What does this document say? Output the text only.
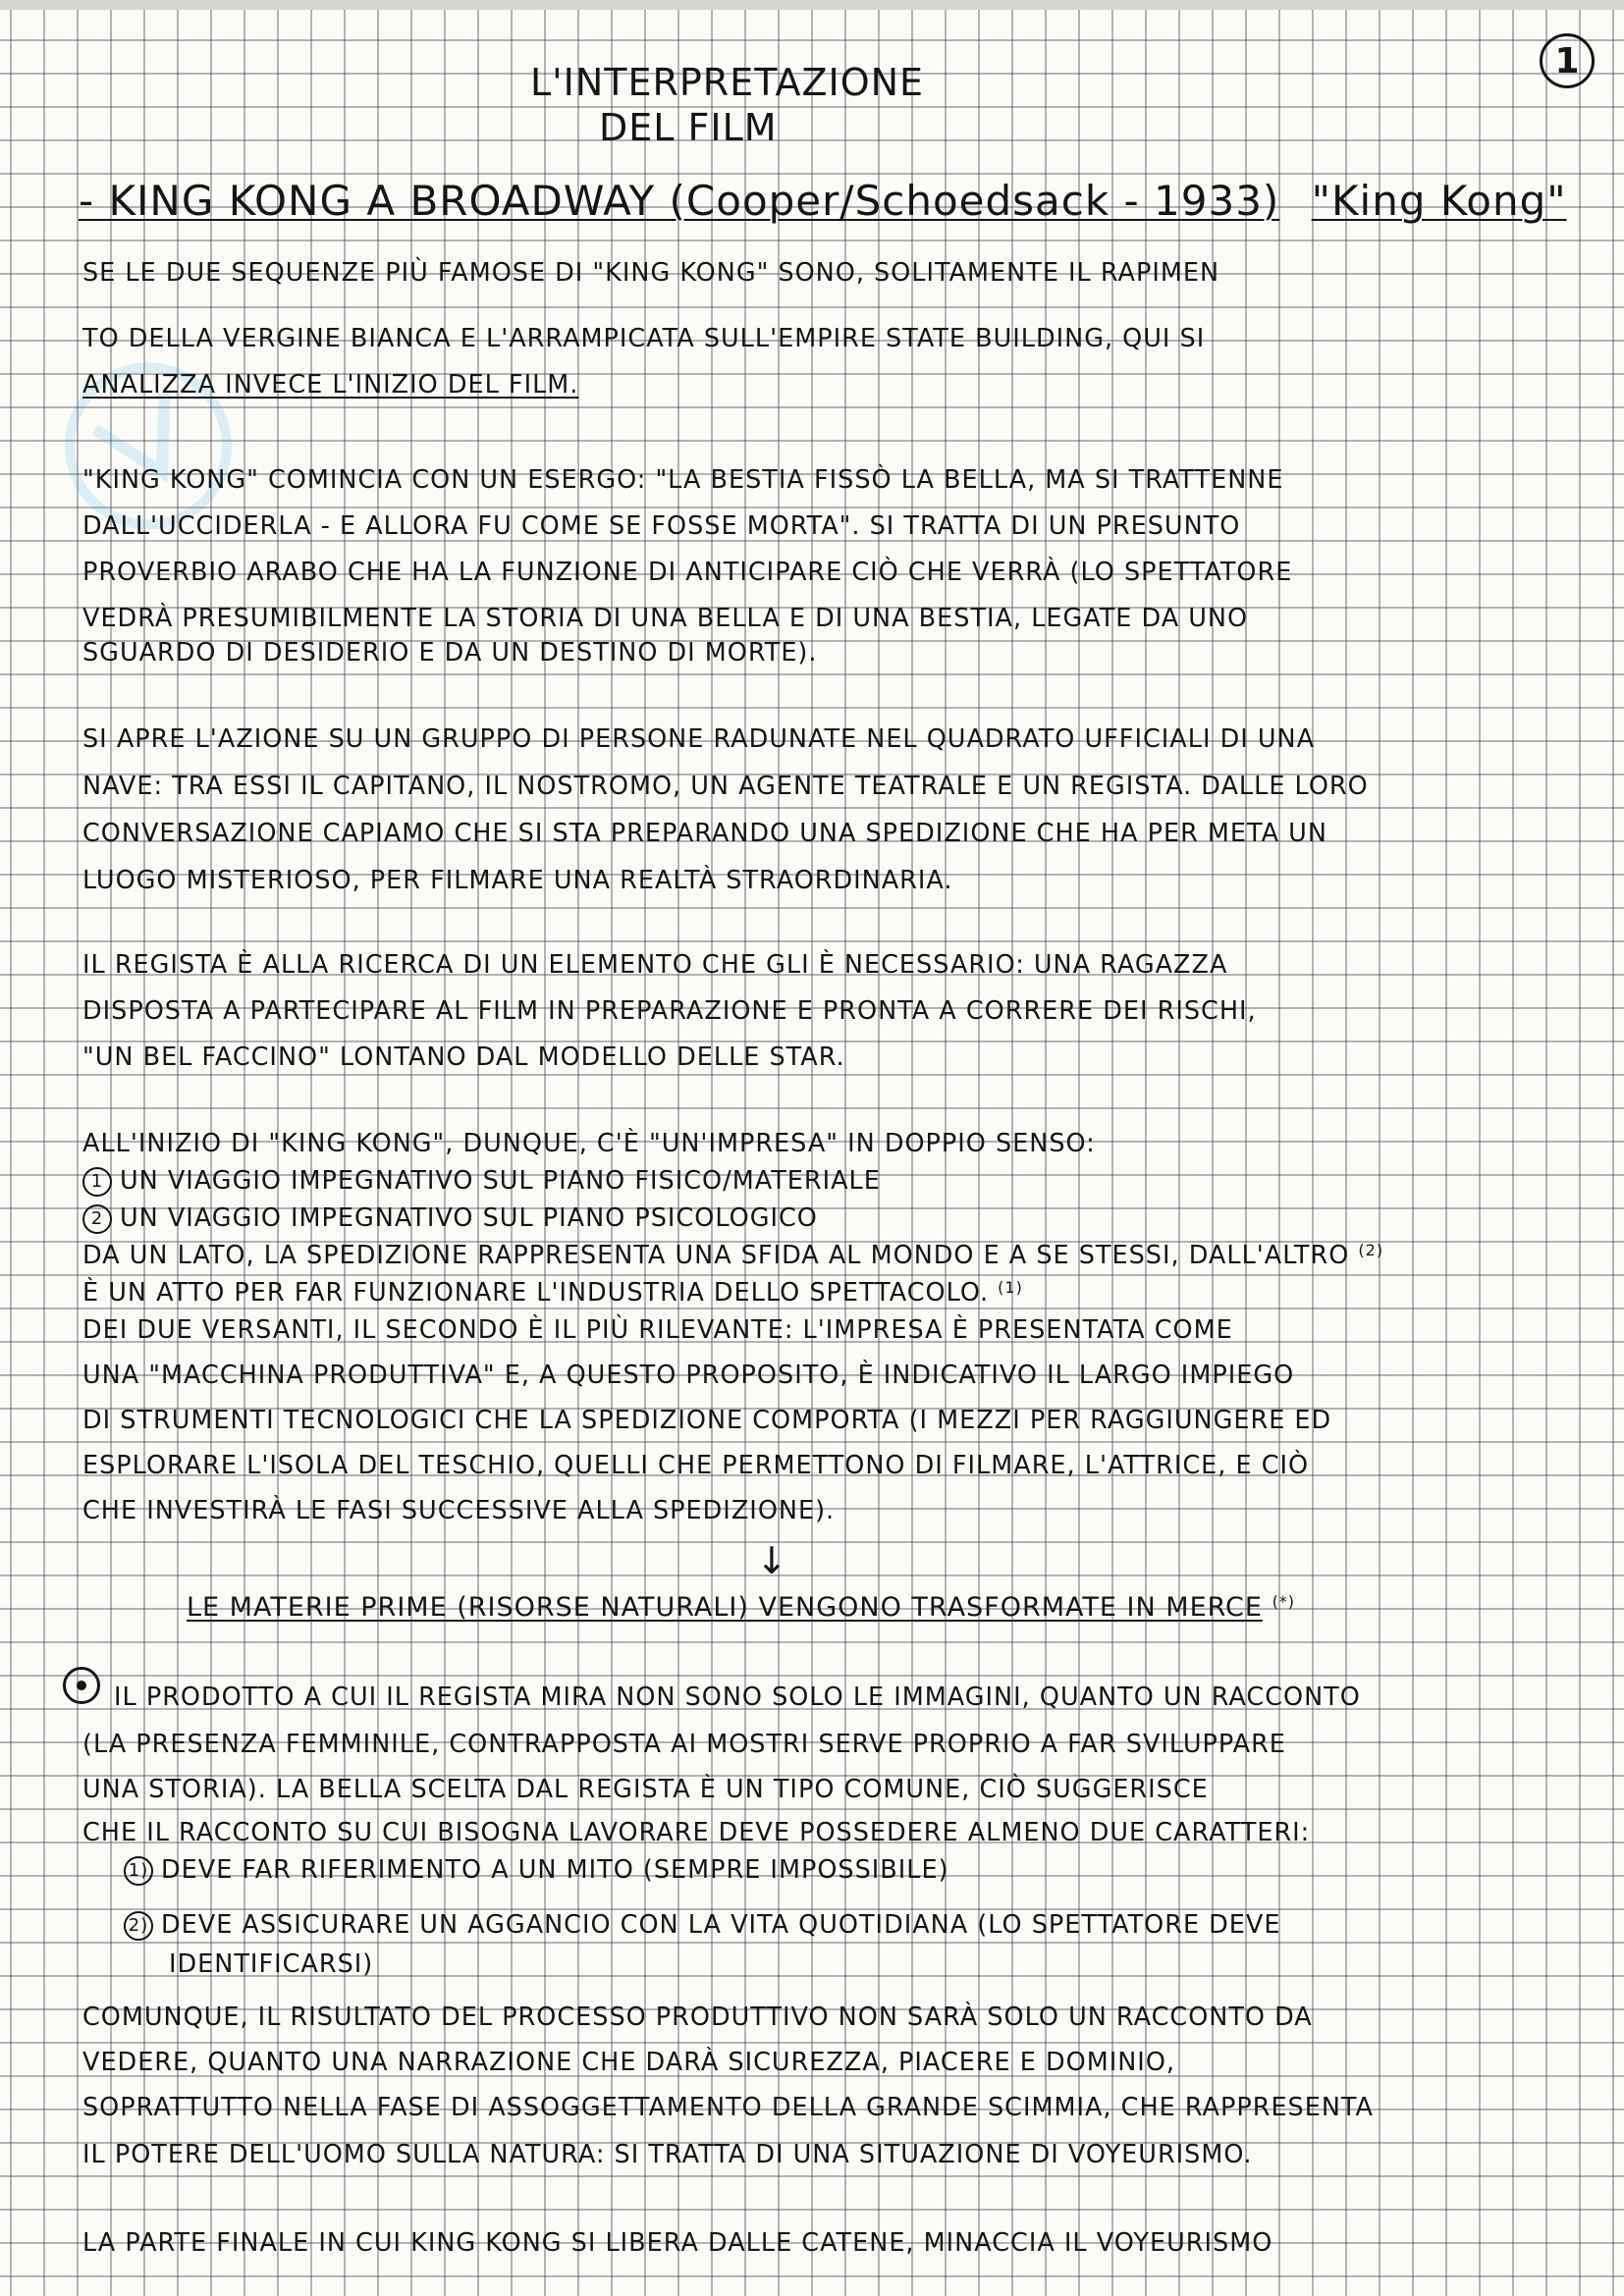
1
L'INTERPRETAZIONE
DEL FILM
- KING KONG A BROADWAY (Cooper/Schoedsack - 1933) "King Kong"
SE LE DUE SEQUENZE PIÙ FAMOSE DI "KING KONG" SONO, SOLITAMENTE IL RAPIMEN
TO DELLA VERGINE BIANCA E L'ARRAMPICATA SULL'EMPIRE STATE BUILDING, QUI SI
ANALIZZA INVECE L'INIZIO DEL FILM.
"KING KONG" COMINCIA CON UN ESERGO: "LA BESTIA FISSÒ LA BELLA, MA SI TRATTENNE
DALL'UCCIDERLA - E ALLORA FU COME SE FOSSE MORTA". SI TRATTA DI UN PRESUNTO
PROVERBIO ARABO CHE HA LA FUNZIONE DI ANTICIPARE CIÒ CHE VERRÀ (LO SPETTATORE
VEDRÀ PRESUMIBILMENTE LA STORIA DI UNA BELLA E DI UNA BESTIA, LEGATE DA UNO
SGUARDO DI DESIDERIO E DA UN DESTINO DI MORTE).
SI APRE L'AZIONE SU UN GRUPPO DI PERSONE RADUNATE NEL QUADRATO UFFICIALI DI UNA
NAVE: TRA ESSI IL CAPITANO, IL NOSTROMO, UN AGENTE TEATRALE E UN REGISTA. DALLE LORO
CONVERSAZIONE CAPIAMO CHE SI STA PREPARANDO UNA SPEDIZIONE CHE HA PER META UN
LUOGO MISTERIOSO, PER FILMARE UNA REALTÀ STRAORDINARIA.
IL REGISTA È ALLA RICERCA DI UN ELEMENTO CHE GLI È NECESSARIO: UNA RAGAZZA
DISPOSTA A PARTECIPARE AL FILM IN PREPARAZIONE E PRONTA A CORRERE DEI RISCHI,
"UN BEL FACCINO" LONTANO DAL MODELLO DELLE STAR.
ALL'INIZIO DI "KING KONG", DUNQUE, C'È "UN'IMPRESA" IN DOPPIO SENSO:
1 UN VIAGGIO IMPEGNATIVO SUL PIANO FISICO/MATERIALE
2 UN VIAGGIO IMPEGNATIVO SUL PIANO PSICOLOGICO
DA UN LATO, LA SPEDIZIONE RAPPRESENTA UNA SFIDA AL MONDO E A SE STESSI, DALL'ALTRO $^{(2)}$
È UN ATTO PER FAR FUNZIONARE L'INDUSTRIA DELLO SPETTACOLO. $^{(1)}$
DEI DUE VERSANTI, IL SECONDO È IL PIÙ RILEVANTE: L'IMPRESA È PRESENTATA COME
UNA "MACCHINA PRODUTTIVA" E, A QUESTO PROPOSITO, È INDICATIVO IL LARGO IMPIEGO
DI STRUMENTI TECNOLOGICI CHE LA SPEDIZIONE COMPORTA (I MEZZI PER RAGGIUNGERE ED
ESPLORARE L'ISOLA DEL TESCHIO, QUELLI CHE PERMETTONO DI FILMARE, L'ATTRICE, E CIÒ
CHE INVESTIRÀ LE FASI SUCCESSIVE ALLA SPEDIZIONE).
↓
LE MATERIE PRIME (RISORSE NATURALI) VENGONO TRASFORMATE IN MERCE (*)
IL PRODOTTO A CUI IL REGISTA MIRA NON SONO SOLO LE IMMAGINI, QUANTO UN RACCONTO
(LA PRESENZA FEMMINILE, CONTRAPPOSTA AI MOSTRI SERVE PROPRIO A FAR SVILUPPARE
UNA STORIA). LA BELLA SCELTA DAL REGISTA È UN TIPO COMUNE, CIÒ SUGGERISCE
CHE IL RACCONTO SU CUI BISOGNA LAVORARE DEVE POSSEDERE ALMENO DUE CARATTERI:
1) DEVE FAR RIFERIMENTO A UN MITO (SEMPRE IMPOSSIBILE)
2) DEVE ASSICURARE UN AGGANCIO CON LA VITA QUOTIDIANA (LO SPETTATORE DEVE
IDENTIFICARSI)
COMUNQUE, IL RISULTATO DEL PROCESSO PRODUTTIVO NON SARÀ SOLO UN RACCONTO DA
VEDERE, QUANTO UNA NARRAZIONE CHE DARÀ SICUREZZA, PIACERE E DOMINIO,
SOPRATTUTTO NELLA FASE DI ASSOGGETTAMENTO DELLA GRANDE SCIMMIA, CHE RAPPRESENTA
IL POTERE DELL'UOMO SULLA NATURA: SI TRATTA DI UNA SITUAZIONE DI VOYEURISMO.
LA PARTE FINALE IN CUI KING KONG SI LIBERA DALLE CATENE, MINACCIA IL VOYEURISMO
